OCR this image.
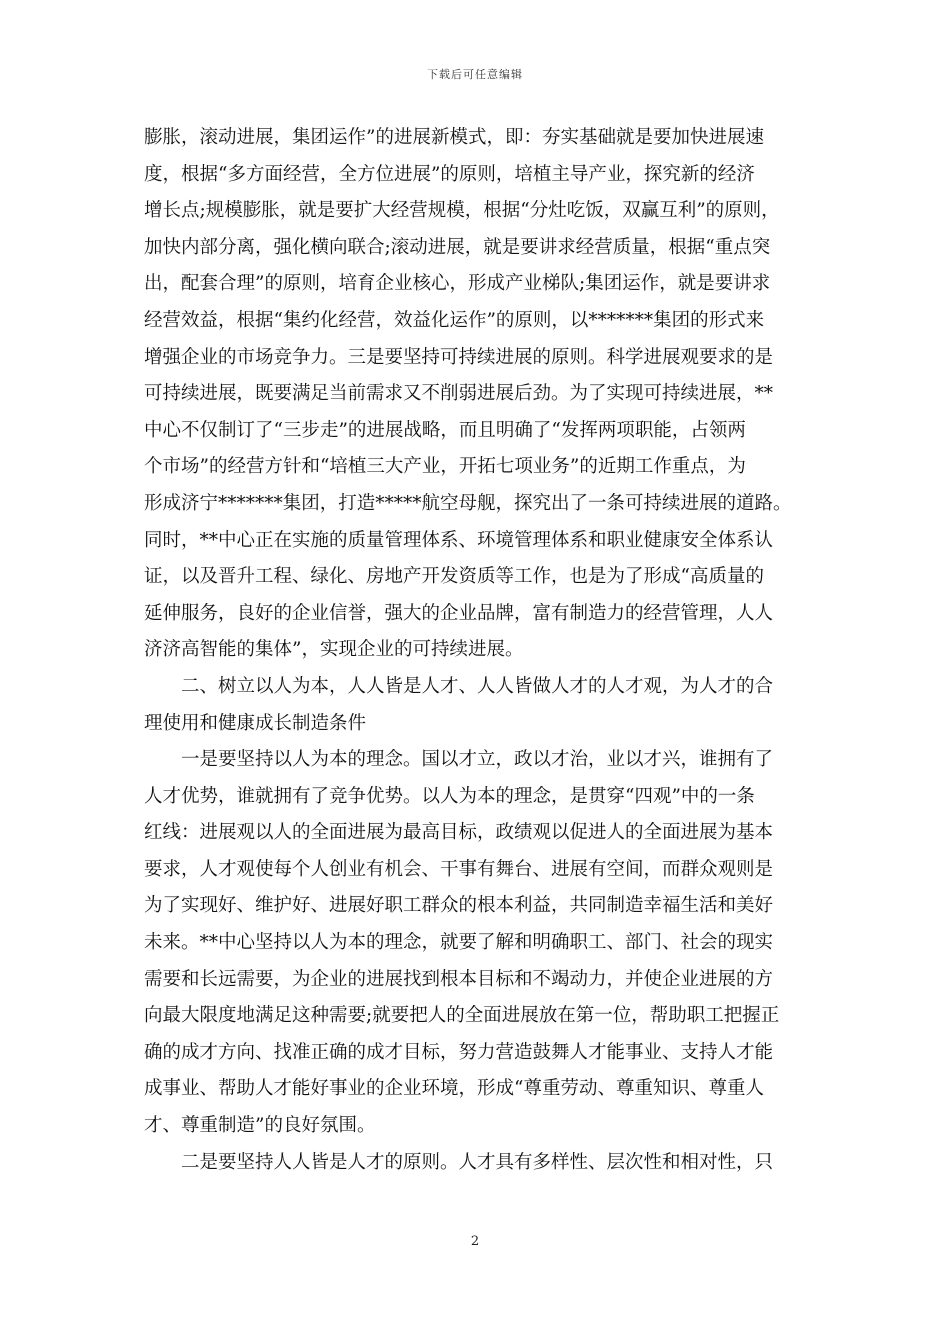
下载后可任意编辑
膨胀，滚动进展，集团运作”的进展新模式，即：夯实基础就是要加快进展速
度，根据“多方面经营，全方位进展”的原则，培植主导产业，探究新的经济
增长点;规模膨胀，就是要扩大经营规模，根据“分灶吃饭，双赢互利”的原则，
加快内部分离，强化横向联合;滚动进展，就是要讲求经营质量，根据“重点突
出，配套合理”的原则，培育企业核心，形成产业梯队;集团运作，就是要讲求
经营效益，根据“集约化经营，效益化运作”的原则，以*******集团的形式来
增强企业的市场竞争力。三是要坚持可持续进展的原则。科学进展观要求的是
可持续进展，既要满足当前需求又不削弱进展后劲。为了实现可持续进展，**
中心不仅制订了“三步走”的进展战略，而且明确了“发挥两项职能，占领两
个市场”的经营方针和“培植三大产业，开拓七项业务”的近期工作重点，为
形成济宁*******集团，打造*****航空母舰，探究出了一条可持续进展的道路。
同时，**中心正在实施的质量管理体系、环境管理体系和职业健康安全体系认
证，以及晋升工程、绿化、房地产开发资质等工作，也是为了形成“高质量的
延伸服务，良好的企业信誉，强大的企业品牌，富有制造力的经营管理，人人
济济高智能的集体”，实现企业的可持续进展。
二、树立以人为本，人人皆是人才、人人皆做人才的人才观，为人才的合
理使用和健康成长制造条件
一是要坚持以人为本的理念。国以才立，政以才治，业以才兴，谁拥有了
人才优势，谁就拥有了竞争优势。以人为本的理念，是贯穿“四观”中的一条
红线：进展观以人的全面进展为最高目标，政绩观以促进人的全面进展为基本
要求，人才观使每个人创业有机会、干事有舞台、进展有空间，而群众观则是
为了实现好、维护好、进展好职工群众的根本利益，共同制造幸福生活和美好
未来。**中心坚持以人为本的理念，就要了解和明确职工、部门、社会的现实
需要和长远需要，为企业的进展找到根本目标和不竭动力，并使企业进展的方
向最大限度地满足这种需要;就要把人的全面进展放在第一位，帮助职工把握正
确的成才方向、找准正确的成才目标，努力营造鼓舞人才能事业、支持人才能
成事业、帮助人才能好事业的企业环境，形成“尊重劳动、尊重知识、尊重人
才、尊重制造”的良好氛围。
二是要坚持人人皆是人才的原则。人才具有多样性、层次性和相对性，只
2
